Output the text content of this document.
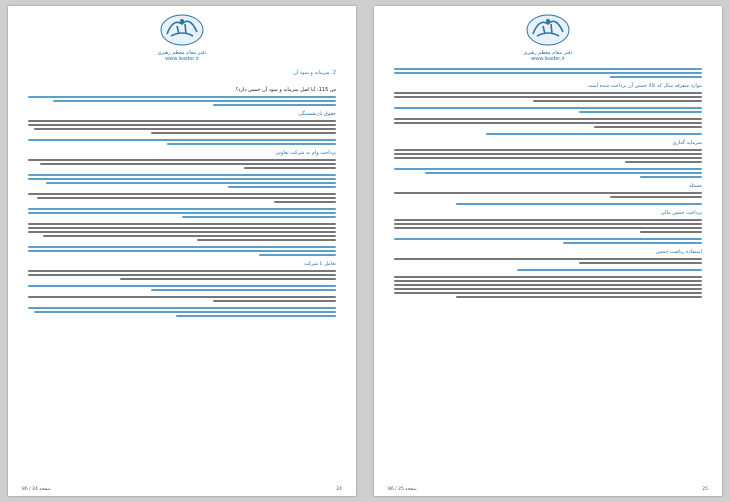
دفتر مقام معظم رهبری
www.leader.ir
2. سرمایه و سود آن
س 115: آیا اصل سرمایه و سود آن خمس دارد؟
حقوق بازنشستگی
پرداخت وام به شرکت تعاونی
تعامل با شرکت
صفحه 24 / 86	24
دفتر مقام معظم رهبری
www.leader.ir
موارد متفرقه سال که کالا خمس آن پرداخت شده است
سرمایه گذاری
مسئله
پرداخت خمس مالی
استفاده ریاضت خمس
صفحه 25 / 86	25
